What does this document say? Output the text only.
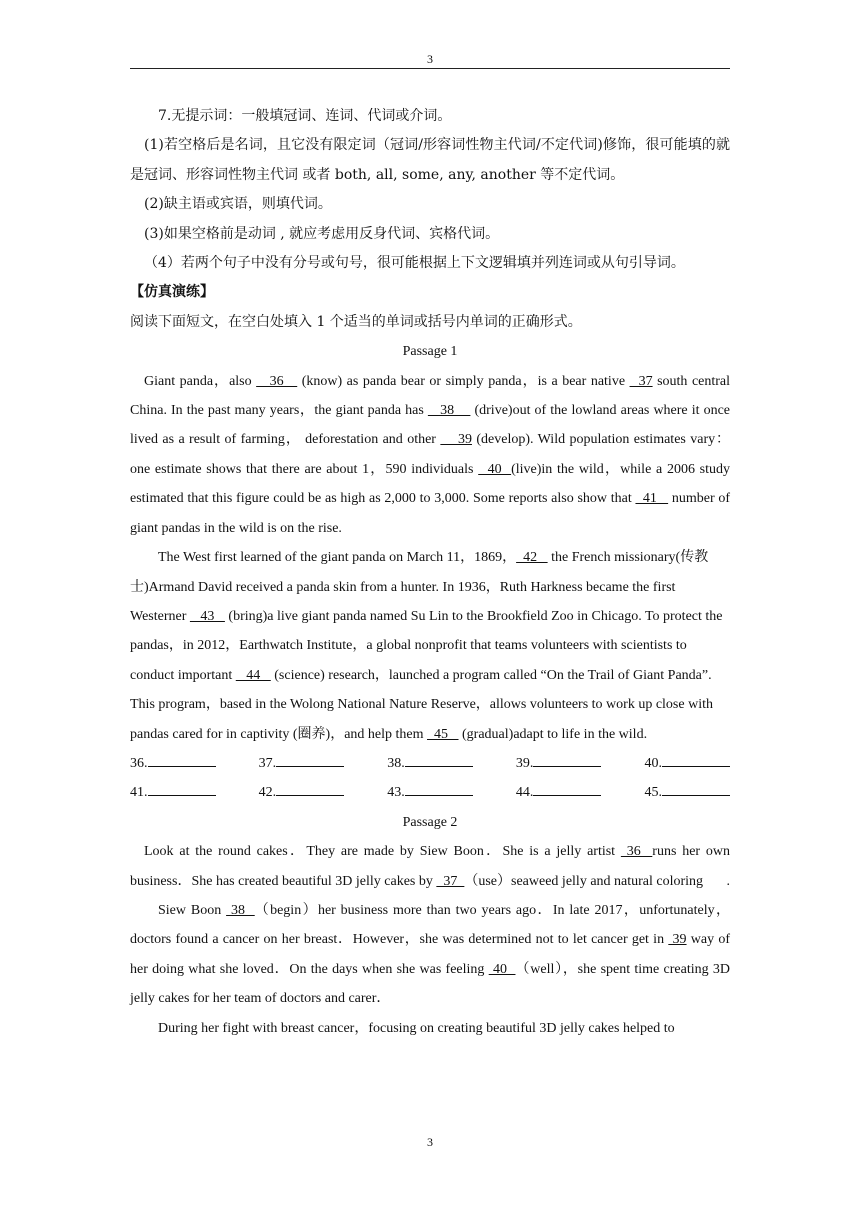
3

7.无提示词：一般填冠词、连词、代词或介词。

(1)若空格后是名词，且它没有限定词（冠词/形容词性物主代词/不定代词)修饰，很可能填的就是冠词、形容词性物主代词 或者 both, all, some, any, another 等不定代词。

(2)缺主语或宾语，则填代词。

(3)如果空格前是动词 , 就应考虑用反身代词、宾格代词。

（4）若两个句子中没有分号或句号，很可能根据上下文逻辑填并列连词或从句引导词。

【仿真演练】

阅读下面短文，在空白处填入 1 个适当的单词或括号内单词的正确形式。

Passage 1

Giant panda，also    36    (know) as panda bear or simply panda，is a bear native   37 south central China. In the past many years，the giant panda has    38     (drive)out of the lowland areas where it once lived as a result of farming， deforestation and other     39 (develop). Wild population estimates vary： one estimate shows that there are about 1，590 individuals   40  (live)in the wild，while a 2006 study estimated that this figure could be as high as 2,000 to 3,000. Some reports also show that   41    number of giant pandas in the wild is on the rise.

The West first learned of the giant panda on March 11，1869，  42    the French missionary(传教士)Armand David received a panda skin from a hunter. In 1936，Ruth Harkness became the first Westerner    43    (bring)a live giant panda named Su Lin to the Brookfield Zoo in Chicago. To protect the pandas，in 2012，Earthwatch Institute，a global nonprofit that teams volunteers with scientists to conduct important    44    (science) research，launched a program called “On the Trail of Giant Panda”. This program，based in the Wolong National Nature Reserve，allows volunteers to work up close with pandas cared for in captivity (圈养)，and help them   45    (gradual)adapt to life in the wild.

36.	37.	38.	39.	40.
41.	42.	43.	44.	45.

Passage 2

Look at the round cakes．They are made by Siew Boon．She is a jelly artist  36  runs her own business．She has created beautiful 3D jelly cakes by   37  （use）seaweed jelly and natural coloring	.

Siew Boon  38  （begin）her business more than two years ago．In late 2017，unfortunately，doctors found a cancer on her breast．However，she was determined not to let cancer get in  39 way of her doing what she loved．On the days when she was feeling  40  （well），she spent time creating 3D jelly cakes for her team of doctors and carer．

During her fight with breast cancer，focusing on creating beautiful 3D jelly cakes helped to

3
